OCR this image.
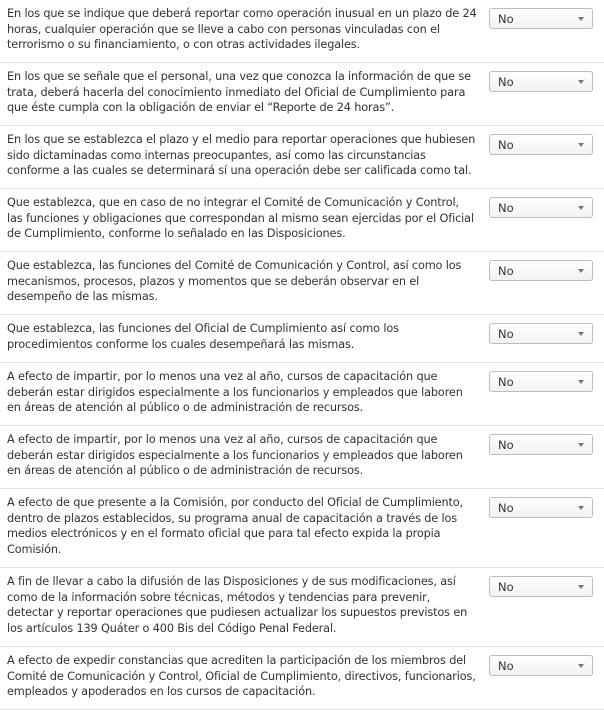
En los que se indique que deberá reportar como operación inusual en un plazo de 24 horas, cualquier operación que se lleve a cabo con personas vinculadas con el terrorismo o su financiamiento, o con otras actividades ilegales.
No
En los que se señale que el personal, una vez que conozca la información de que se trata, deberá hacerla del conocimiento inmediato del Oficial de Cumplimiento para que éste cumpla con la obligación de enviar el “Reporte de 24 horas”.
No
En los que se establezca el plazo y el medio para reportar operaciones que hubiesen sido dictaminadas como internas preocupantes, así como las circunstancias conforme a las cuales se determinará sí una operación debe ser calificada como tal.
No
Que establezca, que en caso de no integrar el Comité de Comunicación y Control, las funciones y obligaciones que correspondan al mismo sean ejercidas por el Oficial de Cumplimiento, conforme lo señalado en las Disposiciones.
No
Que establezca, las funciones del Comité de Comunicación y Control, así como los mecanismos, procesos, plazos y momentos que se deberán observar en el desempeño de las mismas.
No
Que establezca, las funciones del Oficial de Cumplimiento así como los procedimientos conforme los cuales desempeñará las mismas.
No
A efecto de impartir, por lo menos una vez al año, cursos de capacitación que deberán estar dirigidos especialmente a los funcionarios y empleados que laboren en áreas de atención al público o de administración de recursos.
No
A efecto de impartir, por lo menos una vez al año, cursos de capacitación que deberán estar dirigidos especialmente a los funcionarios y empleados que laboren en áreas de atención al público o de administración de recursos.
No
A efecto de que presente a la Comisión, por conducto del Oficial de Cumplimiento, dentro de plazos establecidos, su programa anual de capacitación a través de los medios electrónicos y en el formato oficial que para tal efecto expida la propia Comisión.
No
A fin de llevar a cabo la difusión de las Disposiciones y de sus modificaciones, así como de la información sobre técnicas, métodos y tendencias para prevenir, detectar y reportar operaciones que pudiesen actualizar los supuestos previstos en los artículos 139 Quáter o 400 Bis del Código Penal Federal.
No
A efecto de expedir constancias que acrediten la participación de los miembros del Comité de Comunicación y Control, Oficial de Cumplimiento, directivos, funcionarios, empleados y apoderados en los cursos de capacitación.
No
